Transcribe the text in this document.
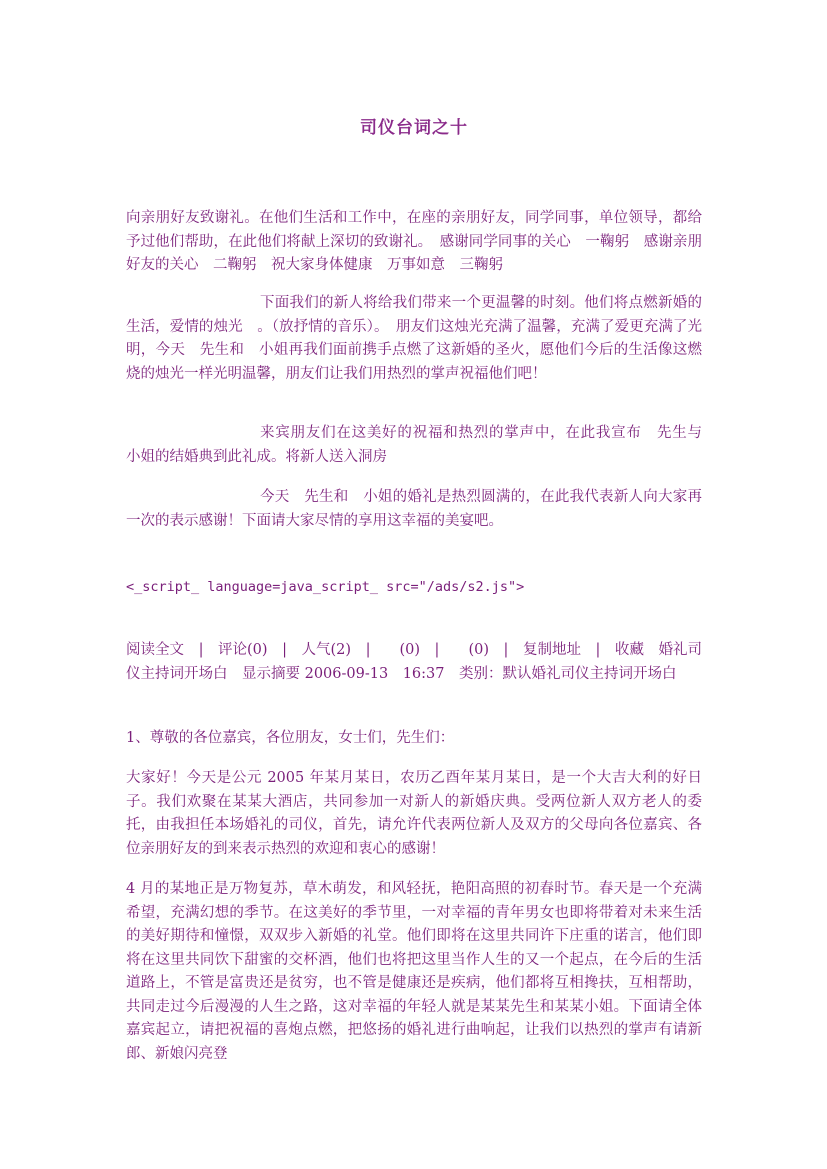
司仪台词之十
向亲朋好友致谢礼。在他们生活和工作中，在座的亲朋好友，同学同事，单位领导，都给予过他们帮助，在此他们将献上深切的致谢礼。　感谢同学同事的关心　一鞠躬　感谢亲朋好友的关心　二鞠躬　祝大家身体健康　万事如意　三鞠躬
下面我们的新人将给我们带来一个更温馨的时刻。他们将点燃新婚的生活，爱情的烛光　。（放抒情的音乐）。　朋友们这烛光充满了温馨，充满了爱更充满了光明，今天　先生和　小姐再我们面前携手点燃了这新婚的圣火，愿他们今后的生活像这燃烧的烛光一样光明温馨，朋友们让我们用热烈的掌声祝福他们吧！
来宾朋友们在这美好的祝福和热烈的掌声中，在此我宣布　先生与　小姐的结婚典到此礼成。将新人送入洞房
今天　先生和　小姐的婚礼是热烈圆满的，在此我代表新人向大家再一次的表示感谢！下面请大家尽情的享用这幸福的美宴吧。
<_script_ language=java_script_ src="/ads/s2.js">
阅读全文　|　评论(0)　|　人气(2)　|　　(0)　|　　(0)　|　复制地址　|　收藏　婚礼司仪主持词开场白　显示摘要 2006-09-13　16:37　类别：默认婚礼司仪主持词开场白
1、尊敬的各位嘉宾，各位朋友，女士们，先生们：
大家好！今天是公元 2005 年某月某日，农历乙酉年某月某日，是一个大吉大利的好日子。我们欢聚在某某大酒店，共同参加一对新人的新婚庆典。受两位新人双方老人的委托，由我担任本场婚礼的司仪，首先，请允许代表两位新人及双方的父母向各位嘉宾、各位亲朋好友的到来表示热烈的欢迎和衷心的感谢！
4 月的某地正是万物复苏，草木萌发，和风轻抚，艳阳高照的初春时节。春天是一个充满希望，充满幻想的季节。在这美好的季节里，一对幸福的青年男女也即将带着对未来生活的美好期待和憧憬，双双步入新婚的礼堂。他们即将在这里共同许下庄重的诺言，他们即将在这里共同饮下甜蜜的交杯酒，他们也将把这里当作人生的又一个起点，在今后的生活道路上，不管是富贵还是贫穷，也不管是健康还是疾病，他们都将互相搀扶，互相帮助，共同走过今后漫漫的人生之路，这对幸福的年轻人就是某某先生和某某小姐。下面请全体嘉宾起立，请把祝福的喜炮点燃，把悠扬的婚礼进行曲响起，让我们以热烈的掌声有请新郎、新娘闪亮登
